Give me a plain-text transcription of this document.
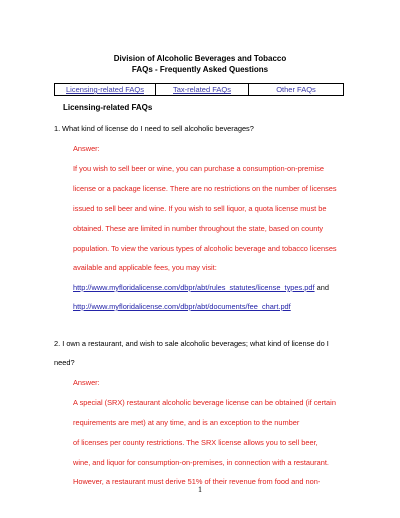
Division of Alcoholic Beverages and Tobacco
FAQs - Frequently Asked Questions
Licensing-related FAQs	Tax-related FAQs	Other FAQs
Licensing-related FAQs
1. What kind of license do I need to sell alcoholic beverages?
Answer:
If you wish to sell beer or wine, you can purchase a consumption-on-premise
license or a package license. There are no restrictions on the number of licenses
issued to sell beer and wine. If you wish to sell liquor, a quota license must be
obtained. These are limited in number throughout the state, based on county
population. To view the various types of alcoholic beverage and tobacco licenses
available and applicable fees, you may visit:
http://www.myfloridalicense.com/dbpr/abt/rules_statutes/license_types.pdf and
http://www.myfloridalicense.com/dbpr/abt/documents/fee_chart.pdf
2. I own a restaurant, and wish to sale alcoholic beverages; what kind of license do I
need?
Answer:
A special (SRX) restaurant alcoholic beverage license can be obtained (if certain
requirements are met) at any time, and is an exception to the number
of licenses per county restrictions. The SRX license allows you to sell beer,
wine, and liquor for consumption-on-premises, in connection with a restaurant.
However, a restaurant must derive 51% of their revenue from food and non-
1
